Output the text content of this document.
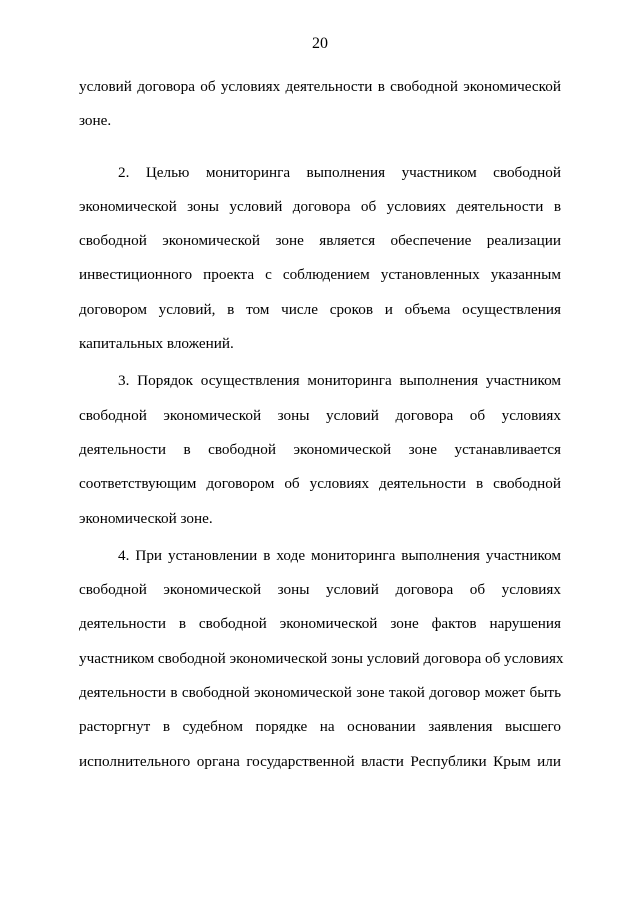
20

условий договора об условиях деятельности в свободной экономической
зоне.

2. Целью мониторинга выполнения участником свободной
экономической зоны условий договора об условиях деятельности в
свободной экономической зоне является обеспечение реализации
инвестиционного проекта с соблюдением установленных указанным
договором условий, в том числе сроков и объема осуществления
капитальных вложений.

3. Порядок осуществления мониторинга выполнения участником
свободной экономической зоны условий договора об условиях
деятельности в свободной экономической зоне устанавливается
соответствующим договором об условиях деятельности в свободной
экономической зоне.

4. При установлении в ходе мониторинга выполнения участником
свободной экономической зоны условий договора об условиях
деятельности в свободной экономической зоне фактов нарушения
участником свободной экономической зоны условий договора об условиях
деятельности в свободной экономической зоне такой договор может быть
расторгнут в судебном порядке на основании заявления высшего
исполнительного органа государственной власти Республики Крым или
